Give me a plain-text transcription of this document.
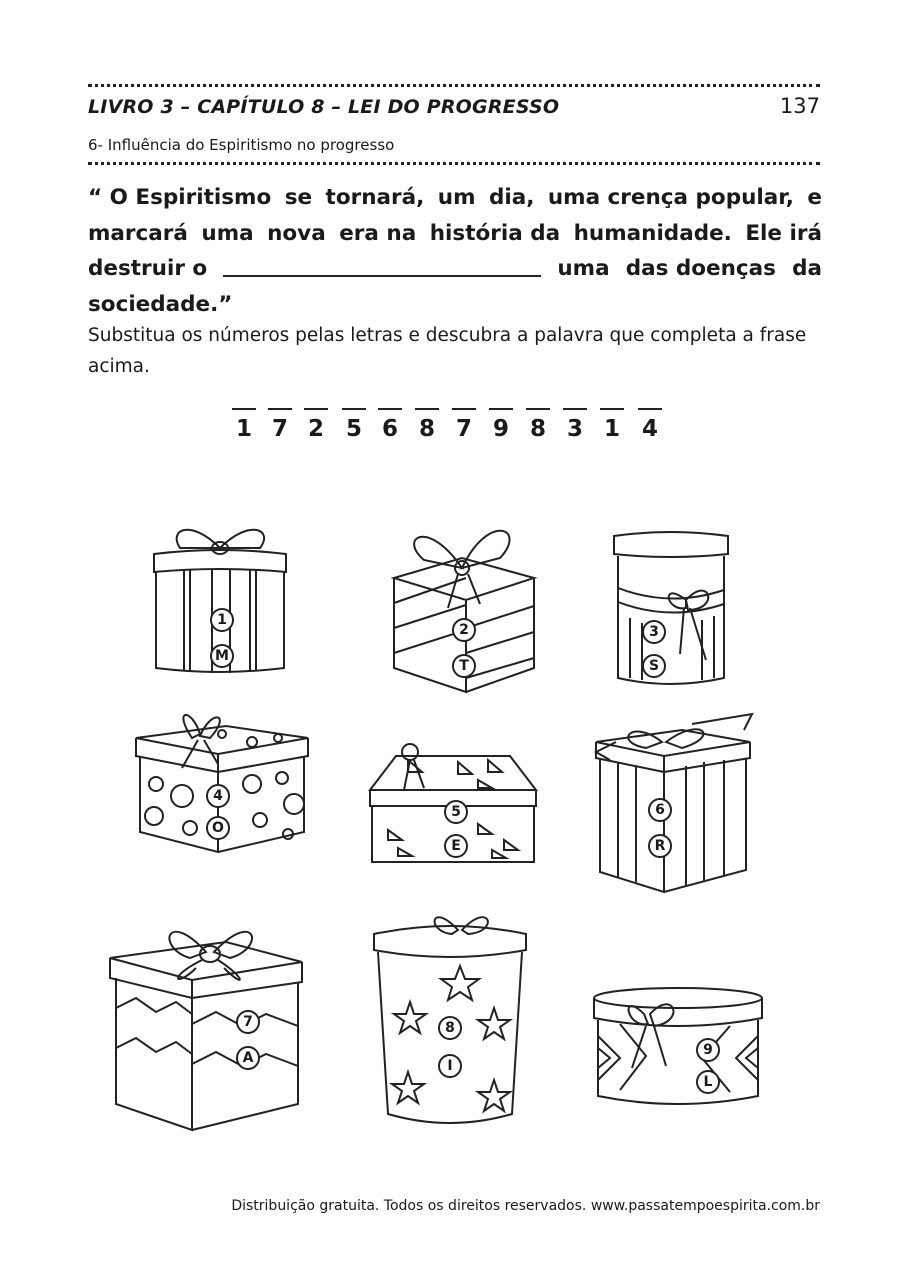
LIVRO 3 – CAPÍTULO 8 – LEI DO PROGRESSO	137
6- Influência do Espiritismo no progresso
“ O Espiritismo se tornará, um dia, uma crença popular, e
marcará uma nova era na história da humanidade. Ele irá
destruir o	uma das doenças da
sociedade.”
Substitua os números pelas letras e descubra a palavra que completa a frase acima.
1 7 2 5 6 8 7 9 8 3 1 4
1
M
2
T
3
S
4
O
5
E
6
R
7
A
8
I
9
L
Distribuição gratuita. Todos os direitos reservados. www.passatempoespirita.com.br
